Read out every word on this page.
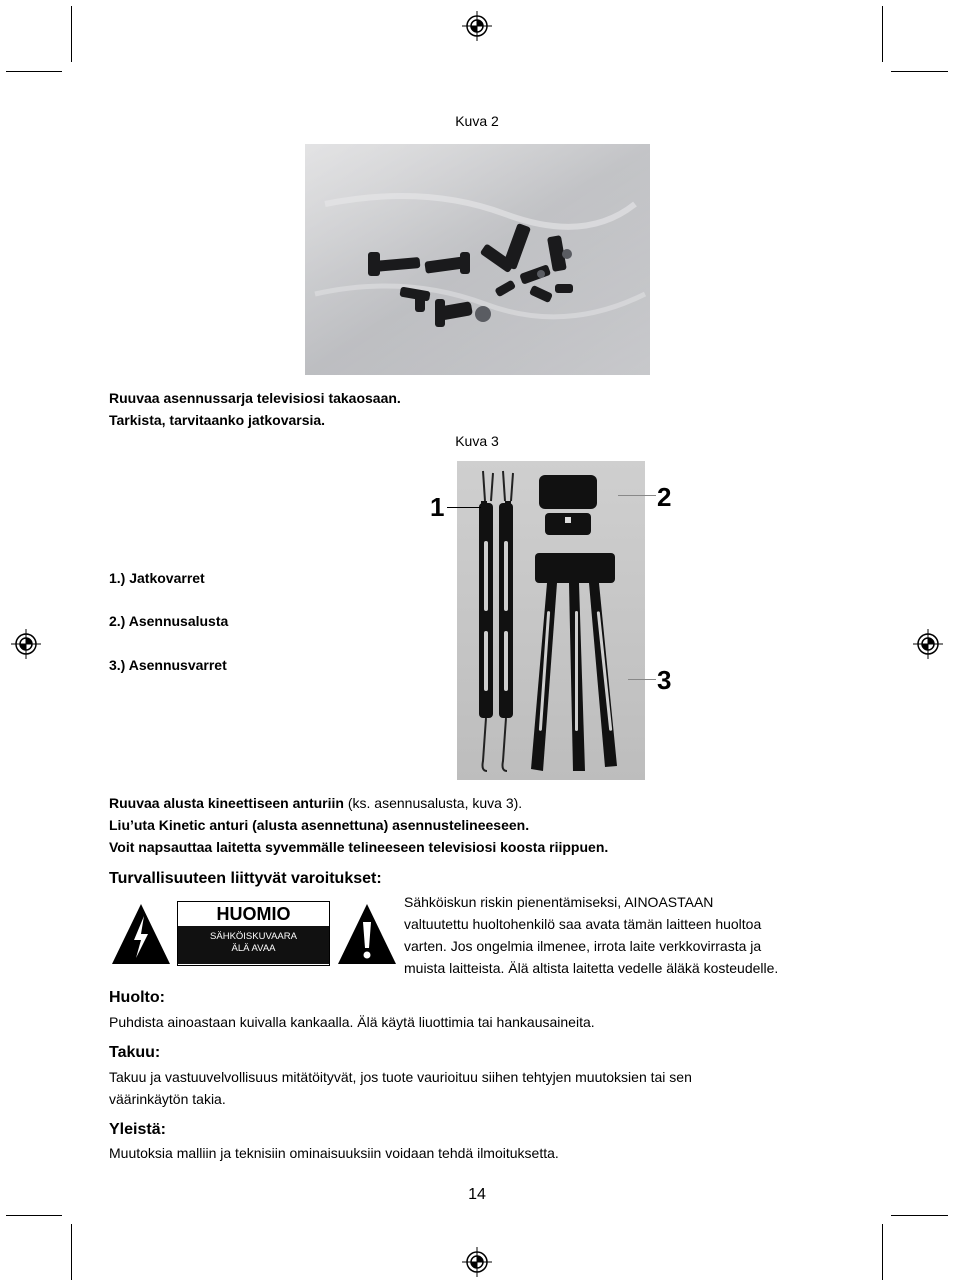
Kuva 2
Ruuvaa asennussarja televisiosi takaosaan.
Tarkista, tarvitaanko jatkovarsia.
Kuva 3
1	2
3
1.) Jatkovarret
2.) Asennusalusta
3.) Asennusvarret
Ruuvaa alusta kineettiseen anturiin (ks. asennusalusta, kuva 3).
Liu’uta Kinetic anturi (alusta asennettuna) asennustelineeseen.
Voit napsauttaa laitetta syvemmälle telineeseen televisiosi koosta riippuen.
Turvallisuuteen liittyvät varoitukset:
HUOMIO
SÄHKÖISKUVAARA
ÄLÄ AVAA
Sähköiskun riskin pienentämiseksi, AINOASTAAN
valtuutettu huoltohenkilö saa avata tämän laitteen huoltoa
varten. Jos ongelmia ilmenee, irrota laite verkkovirrasta ja
muista laitteista. Älä altista laitetta vedelle äläkä kosteudelle.
Huolto:
Puhdista ainoastaan kuivalla kankaalla. Älä käytä liuottimia tai hankausaineita.
Takuu:
Takuu ja vastuuvelvollisuus mitätöityvät, jos tuote vaurioituu siihen tehtyjen muutoksien tai sen
väärinkäytön takia.
Yleistä:
Muutoksia malliin ja teknisiin ominaisuuksiin voidaan tehdä ilmoituksetta.
14
